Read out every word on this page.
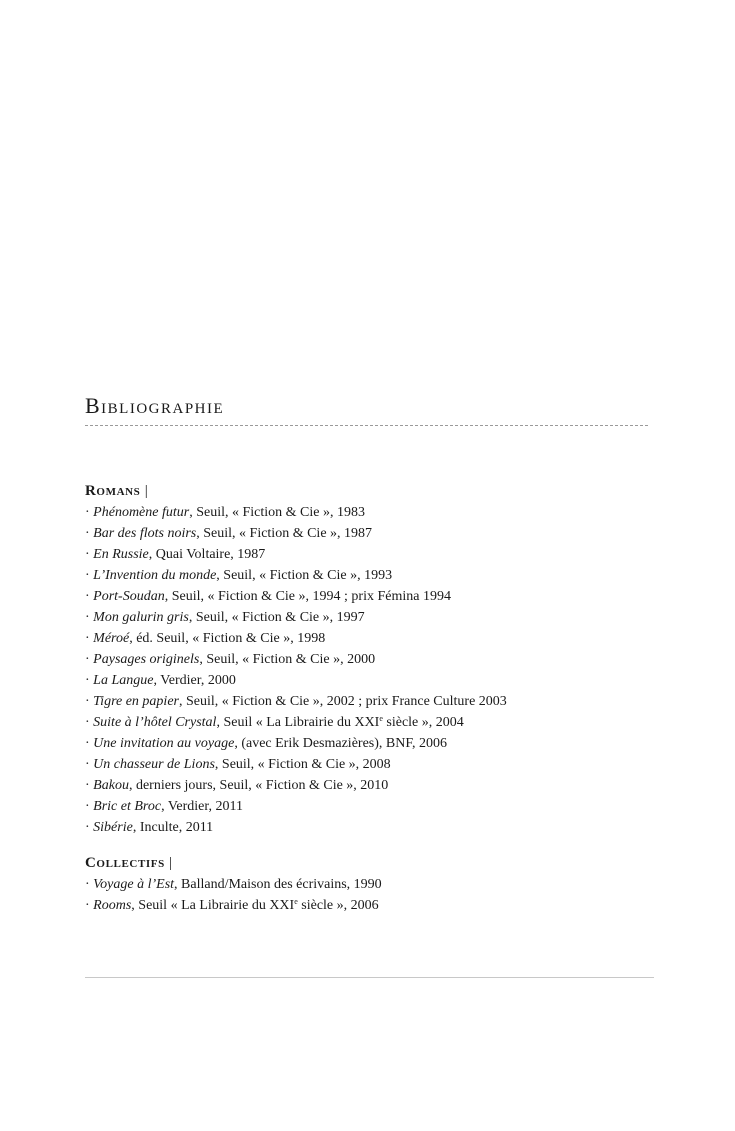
Bibliographie

Romans |

· Phénomène futur, Seuil, « Fiction & Cie », 1983
· Bar des flots noirs, Seuil, « Fiction & Cie », 1987
· En Russie, Quai Voltaire, 1987
· L’Invention du monde, Seuil, « Fiction & Cie », 1993
· Port-Soudan, Seuil, « Fiction & Cie », 1994 ; prix Fémina 1994
· Mon galurin gris, Seuil, « Fiction & Cie », 1997
· Méroé, éd. Seuil, « Fiction & Cie », 1998
· Paysages originels, Seuil, « Fiction & Cie », 2000
· La Langue, Verdier, 2000
· Tigre en papier, Seuil, « Fiction & Cie », 2002 ; prix France Culture 2003
· Suite à l’hôtel Crystal, Seuil « La Librairie du XXIe siècle », 2004
· Une invitation au voyage, (avec Erik Desmazières), BNF, 2006
· Un chasseur de Lions, Seuil, « Fiction & Cie », 2008
· Bakou, derniers jours, Seuil, « Fiction & Cie », 2010
· Bric et Broc, Verdier, 2011
· Sibérie, Inculte, 2011

Collectifs |

· Voyage à l’Est, Balland/Maison des écrivains, 1990
· Rooms, Seuil « La Librairie du XXIe siècle », 2006
